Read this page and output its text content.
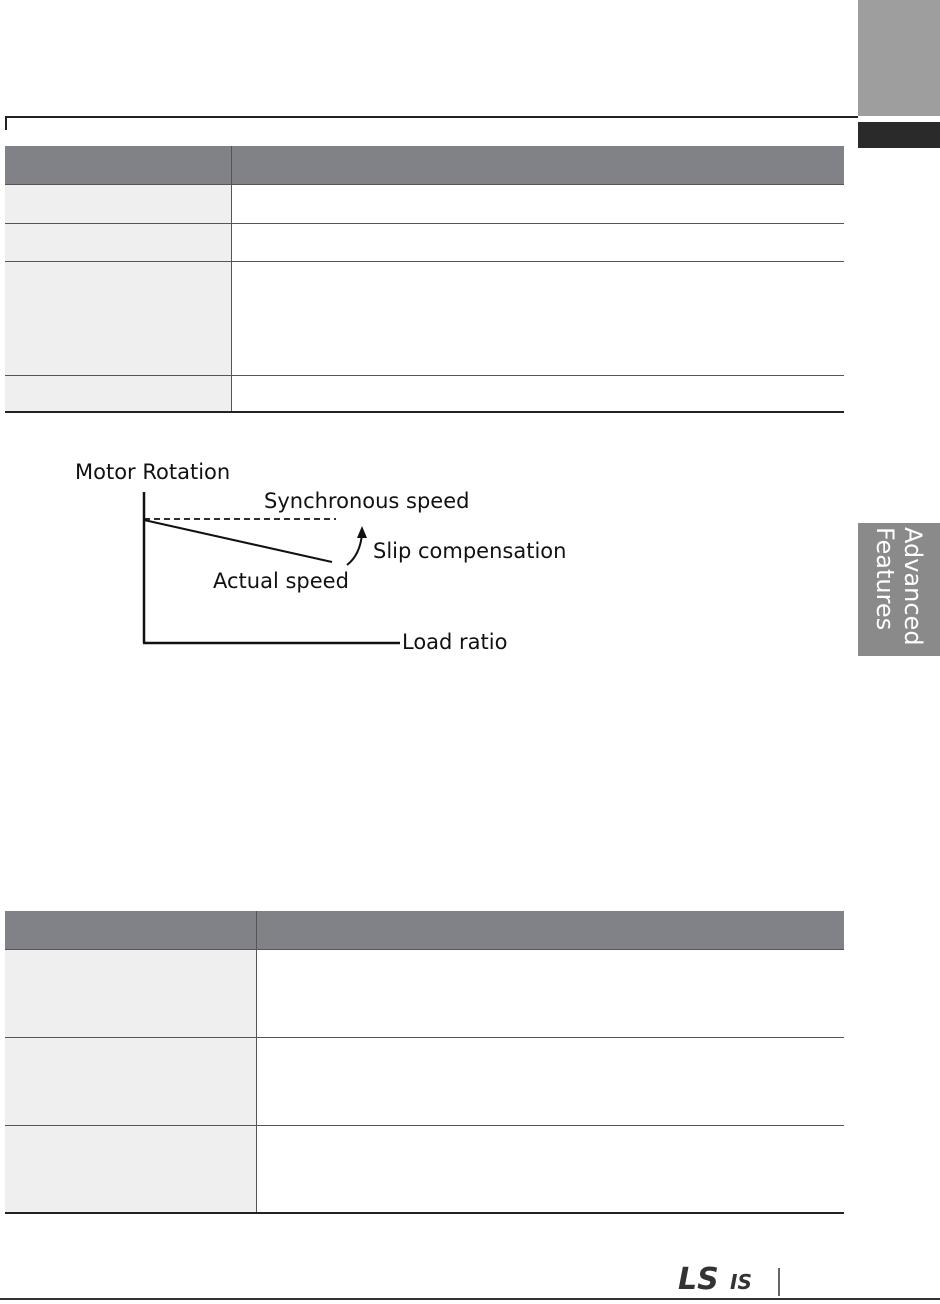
Advanced
Features

Motor Rotation
Load ratio
Synchronous speed
Actual speed
Slip compensation

LS IS
